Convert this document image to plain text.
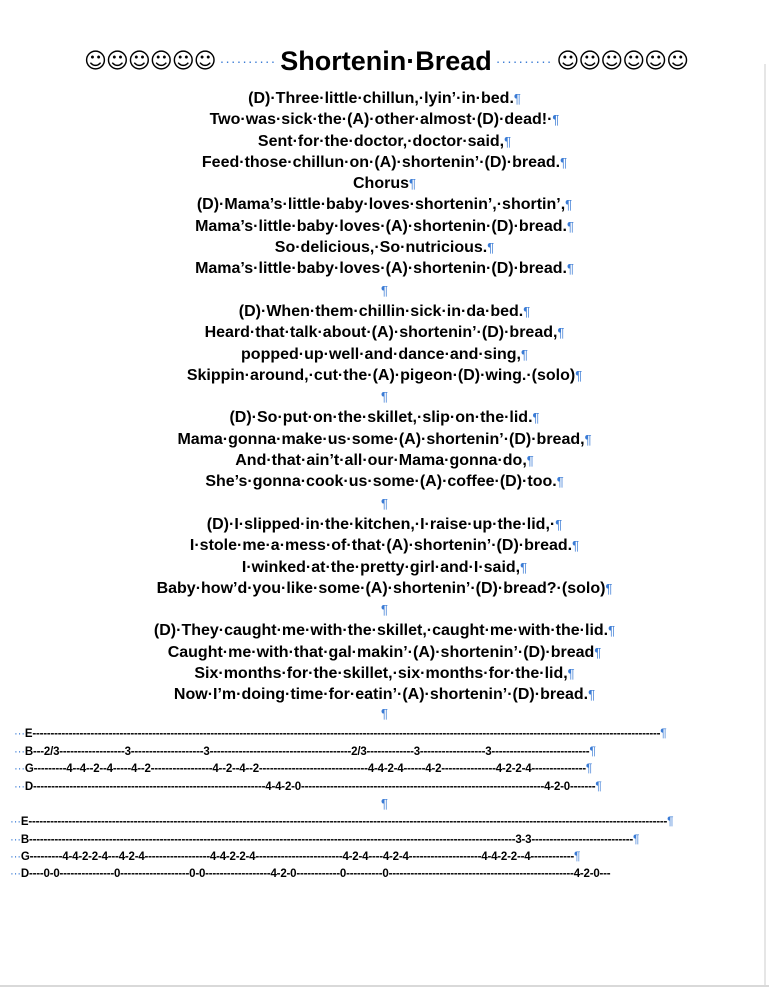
☺☺☺☺☺☺ ·········· Shortenin·Bread ·········· ☺☺☺☺☺☺
(D)·Three·little·chillun,·lyin’·in·bed.¶
Two·was·sick·the·(A)·other·almost·(D)·dead!·¶
Sent·for·the·doctor,·doctor·said,¶
Feed·those·chillun·on·(A)·shortenin’·(D)·bread.¶
Chorus¶
(D)·Mama’s·little·baby·loves·shortenin’,·shortin’,¶
Mama’s·little·baby·loves·(A)·shortenin·(D)·bread.¶
So·delicious,·So·nutricious.¶
Mama’s·little·baby·loves·(A)·shortenin·(D)·bread.¶
¶
(D)·When·them·chillin·sick·in·da·bed.¶
Heard·that·talk·about·(A)·shortenin’·(D)·bread,¶
popped·up·well·and·dance·and·sing,¶
Skippin·around,·cut·the·(A)·pigeon·(D)·wing.·(solo)¶
¶
(D)·So·put·on·the·skillet,·slip·on·the·lid.¶
Mama·gonna·make·us·some·(A)·shortenin’·(D)·bread,¶
And·that·ain’t·all·our·Mama·gonna·do,¶
She’s·gonna·cook·us·some·(A)·coffee·(D)·too.¶
¶
(D)·I·slipped·in·the·kitchen,·I·raise·up·the·lid,·¶
I·stole·me·a·mess·of·that·(A)·shortenin’·(D)·bread.¶
I·winked·at·the·pretty·girl·and·I·said,¶
Baby·how’d·you·like·some·(A)·shortenin’·(D)·bread?·(solo)¶
¶
(D)·They·caught·me·with·the·skillet,·caught·me·with·the·lid.¶
Caught·me·with·that·gal·makin’·(A)·shortenin’·(D)·bread¶
Six·months·for·the·skillet,·six·months·for·the·lid,¶
Now·I’m·doing·time·for·eatin’·(A)·shortenin’·(D)·bread.¶
¶
···E-----------------------------------------------------------------------------------------------------------------------------------------------------------------------------¶
···B---2/3------------------3--------------------3---------------------------------------2/3-------------3------------------3---------------------------¶
···G---------4--4--2--4-----4--2-----------------4--2--4--2------------------------------4-4-2-4------4-2---------------4-2-2-4---------------¶
···D----------------------------------------------------------------4-4-2-0-------------------------------------------------------------------4-2-0-------¶
¶
···E--------------------------------------------------------------------------------------------------------------------------------------------------------------------------------¶
···B--------------------------------------------------------------------------------------------------------------------------------------3-3----------------------------¶
···G---------4-4-2-2-4---4-2-4------------------4-4-2-2-4------------------------4-2-4----4-2-4--------------------4-4-2-2--4------------¶
···D----0-0---------------0-------------------0-0------------------4-2-0------------0----------0---------------------------------------------------4-2-0---
